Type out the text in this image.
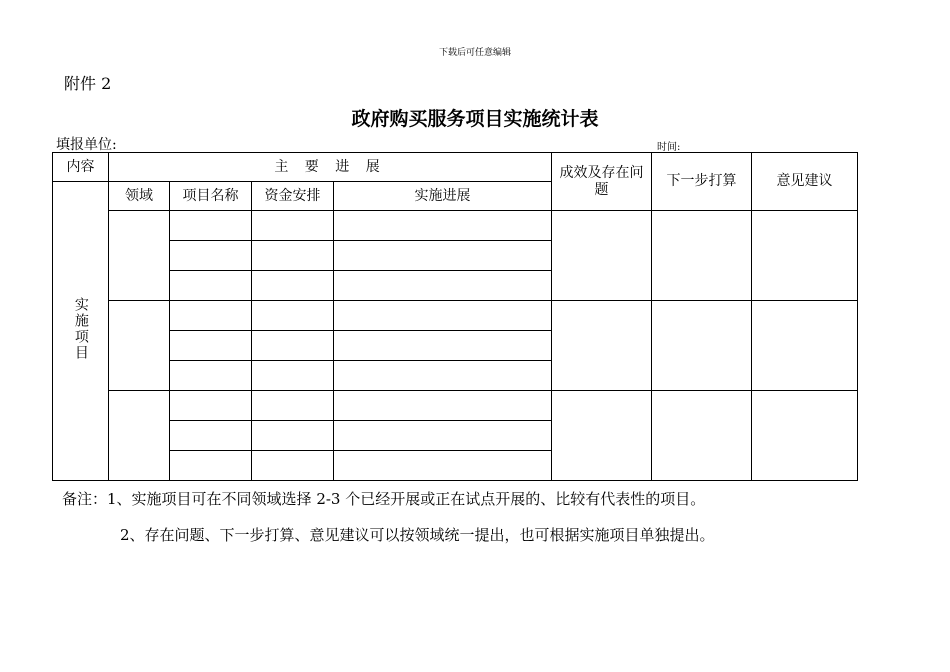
下载后可任意编辑
附件 2
政府购买服务项目实施统计表
填报单位:	时间:
内容	主 要 进 展				成效及存在问题	下一步打算	意见建议
实施项目	领域	项目名称	资金安排	实施进展			

备注：1、实施项目可在不同领域选择 2-3 个已经开展或正在试点开展的、比较有代表性的项目。
2、存在问题、下一步打算、意见建议可以按领域统一提出，也可根据实施项目单独提出。
